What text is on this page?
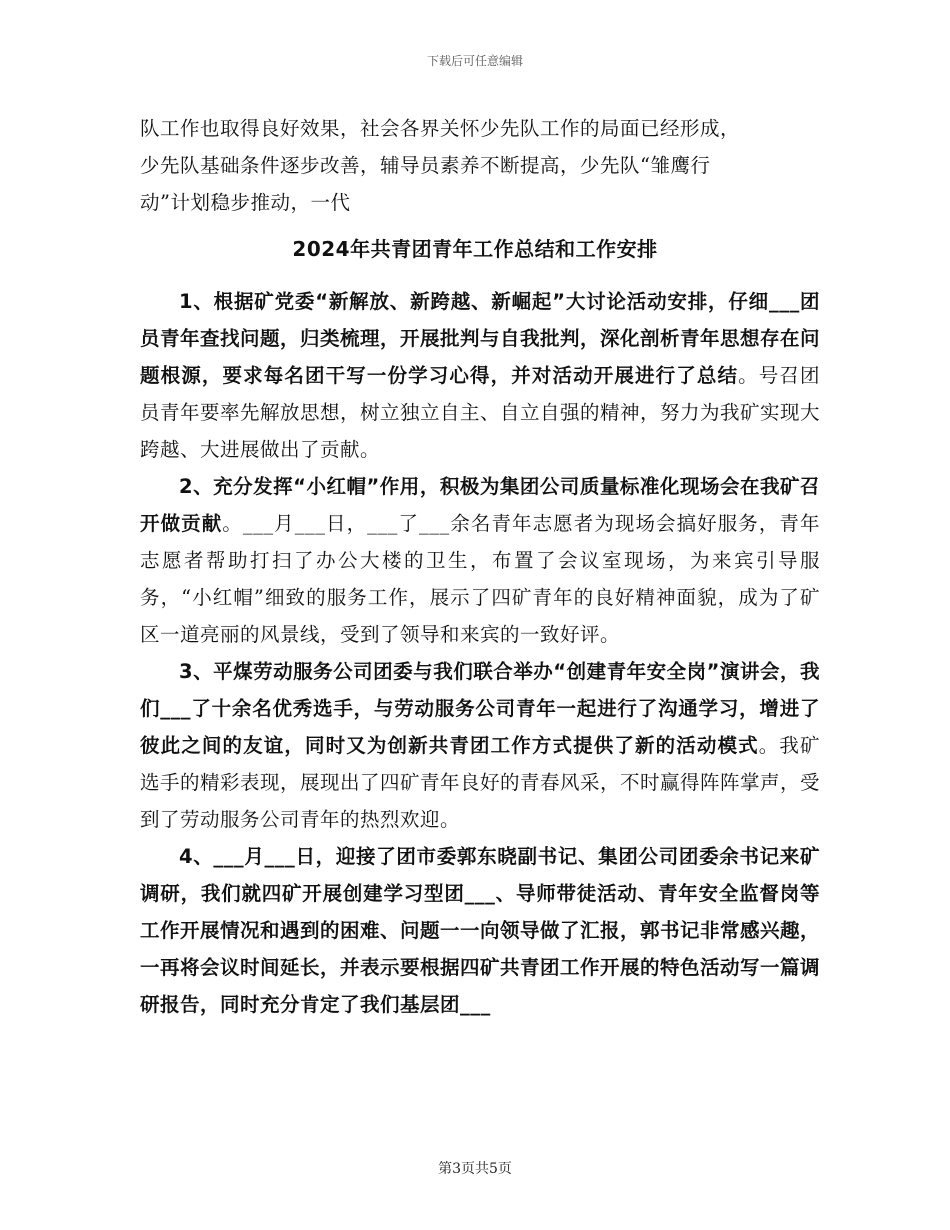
下载后可任意编辑

队工作也取得良好效果，社会各界关怀少先队工作的局面已经形成，

少先队基础条件逐步改善，辅导员素养不断提高，少先队“雏鹰行

动”计划稳步推动，一代

2024年共青团青年工作总结和工作安排

1、根据矿党委“新解放、新跨越、新崛起”大讨论活动安排，仔细___团员青年查找问题，归类梳理，开展批判与自我批判，深化剖析青年思想存在问题根源，要求每名团干写一份学习心得，并对活动开展进行了总结。号召团员青年要率先解放思想，树立独立自主、自立自强的精神，努力为我矿实现大跨越、大进展做出了贡献。

2、充分发挥“小红帽”作用，积极为集团公司质量标准化现场会在我矿召开做贡献。___月___日，___了___余名青年志愿者为现场会搞好服务，青年志愿者帮助打扫了办公大楼的卫生，布置了会议室现场，为来宾引导服务，“小红帽”细致的服务工作，展示了四矿青年的良好精神面貌，成为了矿区一道亮丽的风景线，受到了领导和来宾的一致好评。

3、平煤劳动服务公司团委与我们联合举办“创建青年安全岗”演讲会，我们___了十余名优秀选手，与劳动服务公司青年一起进行了沟通学习，增进了彼此之间的友谊，同时又为创新共青团工作方式提供了新的活动模式。我矿选手的精彩表现，展现出了四矿青年良好的青春风采，不时赢得阵阵掌声，受到了劳动服务公司青年的热烈欢迎。

4、___月___日，迎接了团市委郭东晓副书记、集团公司团委余书记来矿调研，我们就四矿开展创建学习型团___、导师带徒活动、青年安全监督岗等工作开展情况和遇到的困难、问题一一向领导做了汇报，郭书记非常感兴趣，一再将会议时间延长，并表示要根据四矿共青团工作开展的特色活动写一篇调研报告，同时充分肯定了我们基层团___

第3页共5页
